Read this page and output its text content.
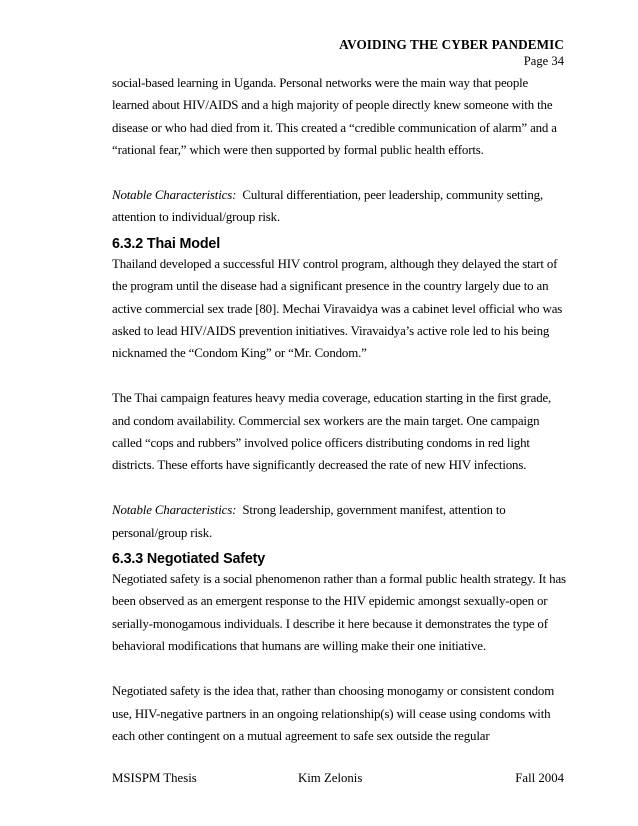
AVOIDING THE CYBER PANDEMIC
Page 34

social-based learning in Uganda. Personal networks were the main way that people learned about HIV/AIDS and a high majority of people directly knew someone with the disease or who had died from it. This created a “credible communication of alarm” and a “rational fear,” which were then supported by formal public health efforts.

Notable Characteristics: Cultural differentiation, peer leadership, community setting, attention to individual/group risk.

6.3.2 Thai Model

Thailand developed a successful HIV control program, although they delayed the start of the program until the disease had a significant presence in the country largely due to an active commercial sex trade [80]. Mechai Viravaidya was a cabinet level official who was asked to lead HIV/AIDS prevention initiatives. Viravaidya’s active role led to his being nicknamed the “Condom King” or “Mr. Condom.”

The Thai campaign features heavy media coverage, education starting in the first grade, and condom availability. Commercial sex workers are the main target. One campaign called “cops and rubbers” involved police officers distributing condoms in red light districts. These efforts have significantly decreased the rate of new HIV infections.

Notable Characteristics: Strong leadership, government manifest, attention to personal/group risk.

6.3.3 Negotiated Safety

Negotiated safety is a social phenomenon rather than a formal public health strategy. It has been observed as an emergent response to the HIV epidemic amongst sexually-open or serially-monogamous individuals. I describe it here because it demonstrates the type of behavioral modifications that humans are willing make their one initiative.

Negotiated safety is the idea that, rather than choosing monogamy or consistent condom use, HIV-negative partners in an ongoing relationship(s) will cease using condoms with each other contingent on a mutual agreement to safe sex outside the regular

MSISPM Thesis	Kim Zelonis	Fall 2004
